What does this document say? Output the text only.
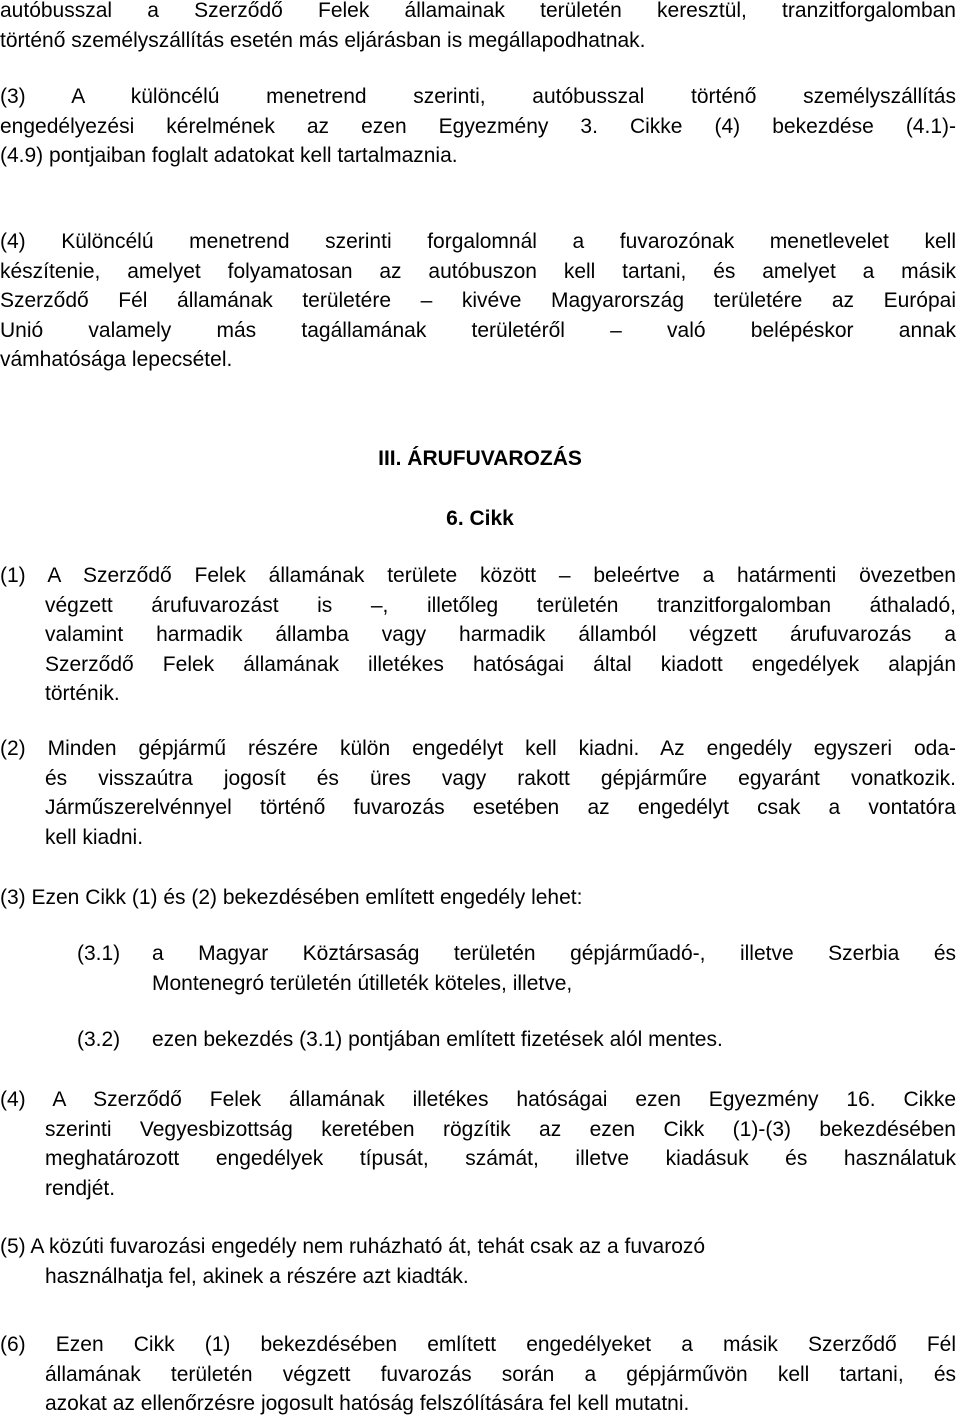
autóbusszal a Szerződő Felek államainak területén keresztül, tranzitforgalomban
történő személyszállítás esetén más eljárásban is megállapodhatnak.
(3) A különcélú menetrend szerinti, autóbusszal történő személyszállítás
engedélyezési kérelmének az ezen Egyezmény 3. Cikke (4) bekezdése (4.1)-
(4.9) pontjaiban foglalt adatokat kell tartalmaznia.
(4) Különcélú menetrend szerinti forgalomnál a fuvarozónak menetlevelet kell
készítenie, amelyet folyamatosan az autóbuszon kell tartani, és amelyet a másik
Szerződő Fél államának területére – kivéve Magyarország területére az Európai
Unió valamely más tagállamának területéről – való belépéskor annak
vámhatósága lepecsétel.
III. ÁRUFUVAROZÁS
6. Cikk
(1) A Szerződő Felek államának területe között – beleértve a határmenti övezetben
végzett árufuvarozást is –, illetőleg területén tranzitforgalomban áthaladó,
valamint harmadik államba vagy harmadik államból végzett árufuvarozás a
Szerződő Felek államának illetékes hatóságai által kiadott engedélyek alapján
történik.
(2) Minden gépjármű részére külön engedélyt kell kiadni. Az engedély egyszeri oda-
és visszaútra jogosít és üres vagy rakott gépjárműre egyaránt vonatkozik.
Járműszerelvénnyel történő fuvarozás esetében az engedélyt csak a vontatóra
kell kiadni.
(3) Ezen Cikk (1) és (2) bekezdésében említett engedély lehet:
(3.1)	a Magyar Köztársaság területén gépjárműadó-, illetve Szerbia és
Montenegró területén útilleték köteles, illetve,
(3.2)	ezen bekezdés (3.1) pontjában említett fizetések alól mentes.
(4) A Szerződő Felek államának illetékes hatóságai ezen Egyezmény 16. Cikke
szerinti Vegyesbizottság keretében rögzítik az ezen Cikk (1)-(3) bekezdésében
meghatározott engedélyek típusát, számát, illetve kiadásuk és használatuk
rendjét.
(5) A közúti fuvarozási engedély nem ruházható át, tehát csak az a fuvarozó
használhatja fel, akinek a részére azt kiadták.
(6) Ezen Cikk (1) bekezdésében említett engedélyeket a másik Szerződő Fél
államának területén végzett fuvarozás során a gépjárművön kell tartani, és
azokat az ellenőrzésre jogosult hatóság felszólítására fel kell mutatni.
